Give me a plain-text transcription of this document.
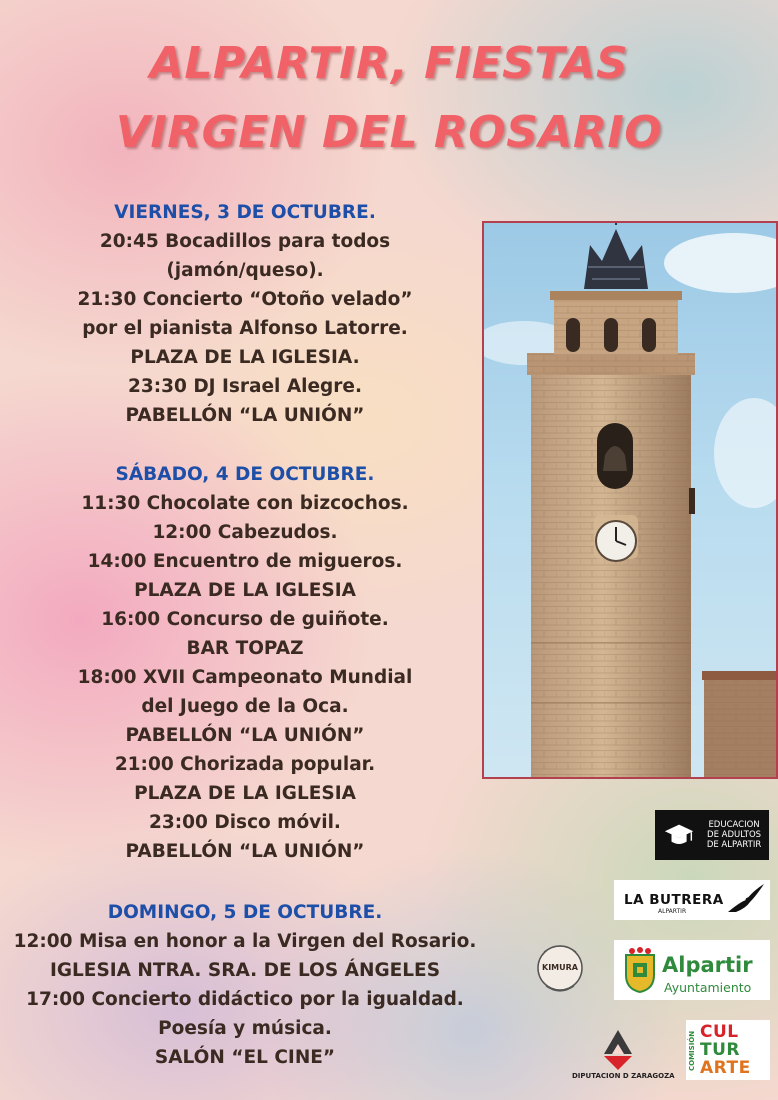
ALPARTIR, FIESTAS
VIRGEN DEL ROSARIO
VIERNES, 3 DE OCTUBRE.
20:45 Bocadillos para todos
(jamón/queso).
21:30 Concierto “Otoño velado”
por el pianista Alfonso Latorre.
PLAZA DE LA IGLESIA.
23:30 DJ Israel Alegre.
PABELLÓN “LA UNIÓN”
SÁBADO, 4 DE OCTUBRE.
11:30 Chocolate con bizcochos.
12:00 Cabezudos.
14:00 Encuentro de migueros.
PLAZA DE LA IGLESIA
16:00 Concurso de guiñote.
BAR TOPAZ
18:00 XVII Campeonato Mundial
del Juego de la Oca.
PABELLÓN “LA UNIÓN”
21:00 Chorizada popular.
PLAZA DE LA IGLESIA
23:00 Disco móvil.
PABELLÓN “LA UNIÓN”
DOMINGO, 5 DE OCTUBRE.
12:00 Misa en honor a la Virgen del Rosario.
IGLESIA NTRA. SRA. DE LOS ÁNGELES
17:00 Concierto didáctico por la igualdad.
Poesía y música.
SALÓN “EL CINE”
EDUCACION
DE ADULTOS
DE ALPARTIR
LA BUTRERA
ALPARTIR
Alpartir
Ayuntamiento
KIMURA
DIPUTACION D ZARAGOZA
COMISIÓN CUL
TUR
ARTE
